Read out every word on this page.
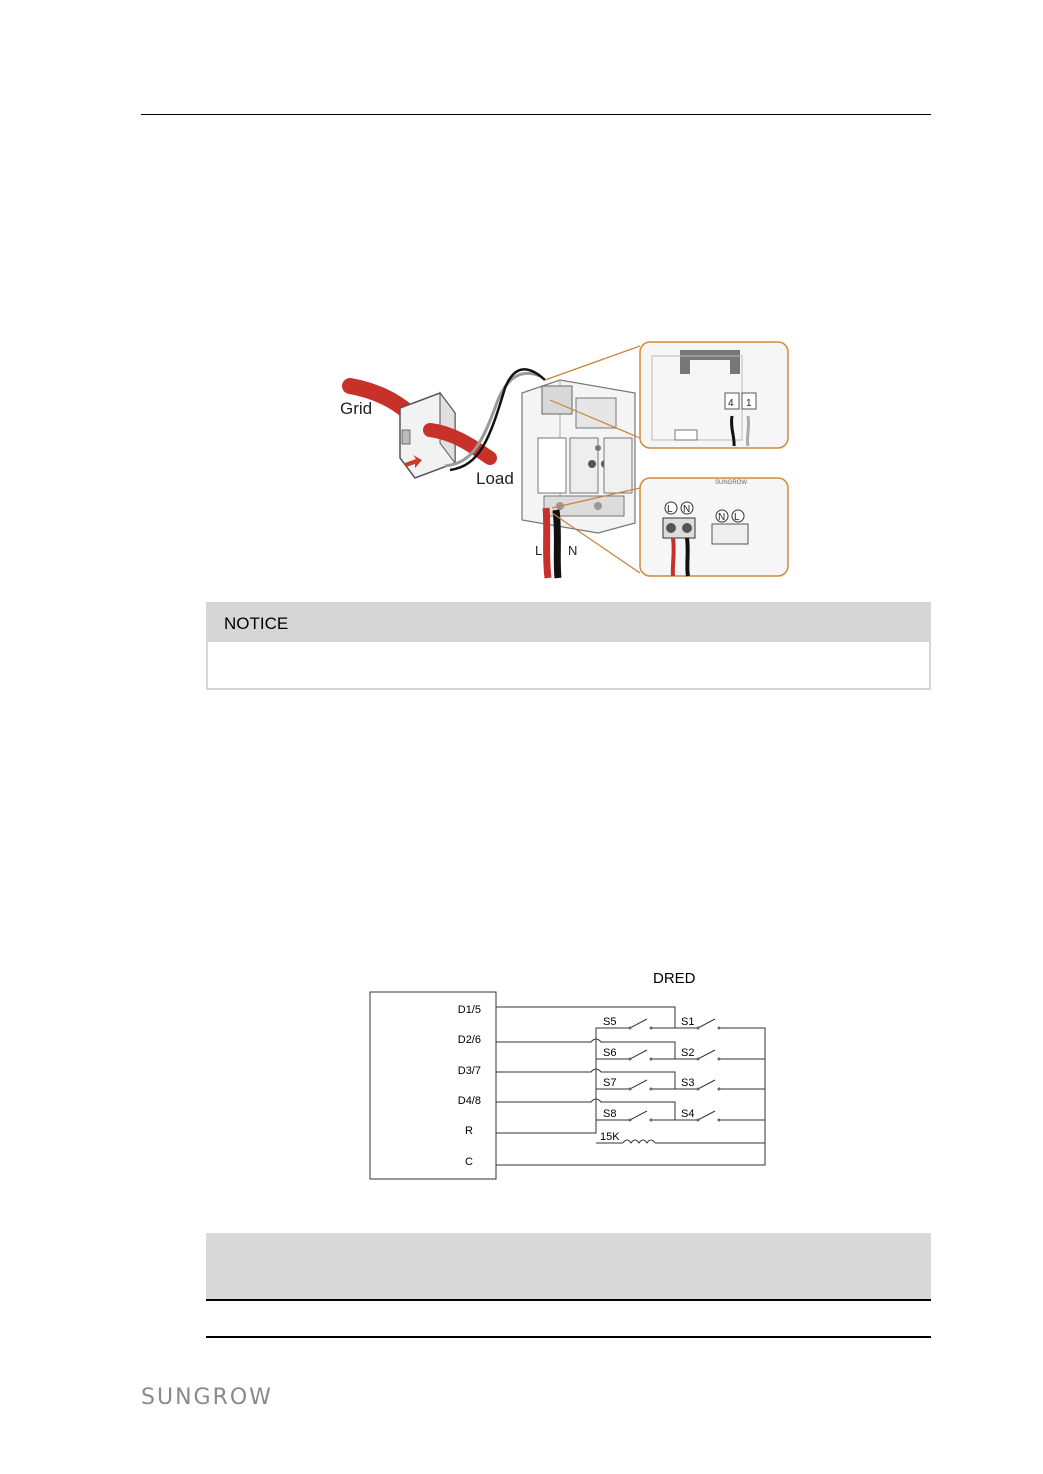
Grid
Load
L N
4 1
SUNGROW
L N
N L
NOTICE
DRED
D1/5
D2/6
D3/7
D4/8
R
C
S5	S1
S6	S2
S7	S3
S8	S4
15K
SUNGROW
